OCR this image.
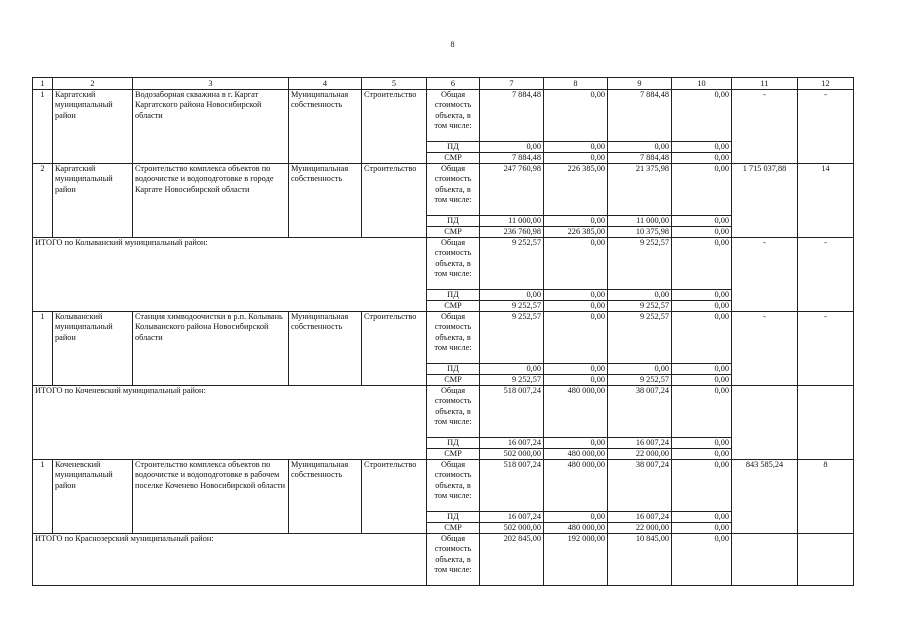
8
1	2	3	4	5	6	7	8	9	10	11	12
1	Каргатский муниципальный район	Водозаборная скважина в г. Каргат Каргатского района Новосибирской области	Муниципальная собственность	Строительство	Общая стоимость объекта, в том числе:	7 884,48	0,00	7 884,48	0,00	-	-
					ПД	0,00	0,00	0,00	0,00		
					СМР	7 884,48	0,00	7 884,48	0,00		
2	Каргатский муниципальный район	Строительство комплекса объектов по водоочистке и водоподготовке в городе Каргате Новосибирской области	Муниципальная собственность	Строительство	Общая стоимость объекта, в том числе:	247 760,98	226 385,00	21 375,98	0,00	1 715 037,88	14
					ПД	11 000,00	0,00	11 000,00	0,00		
					СМР	236 760,98	226 385,00	10 375,98	0,00		
ИТОГО по Колыванский муниципальный район:					Общая стоимость объекта, в том числе:	9 252,57	0,00	9 252,57	0,00	-	-
					ПД	0,00	0,00	0,00	0,00		
					СМР	9 252,57	0,00	9 252,57	0,00		
1	Колыванский муниципальный район	Станция химводоочистки в р.п. Колывань Колыванского района Новосибирской области	Муниципальная собственность	Строительство	Общая стоимость объекта, в том числе:	9 252,57	0,00	9 252,57	0,00	-	-
					ПД	0,00	0,00	0,00	0,00		
					СМР	9 252,57	0,00	9 252,57	0,00		
ИТОГО по Коченевский муниципальный район:					Общая стоимость объекта, в том числе:	518 007,24	480 000,00	38 007,24	0,00		
					ПД	16 007,24	0,00	16 007,24	0,00		
					СМР	502 000,00	480 000,00	22 000,00	0,00		
1	Коченевский муниципальный район	Строительство комплекса объектов по водоочистке и водоподготовке в рабочем поселке Коченево Новосибирской области	Муниципальная собственность	Строительство	Общая стоимость объекта, в том числе:	518 007,24	480 000,00	38 007,24	0,00	843 585,24	8
					ПД	16 007,24	0,00	16 007,24	0,00		
					СМР	502 000,00	480 000,00	22 000,00	0,00		
ИТОГО по Краснозерский муниципальный район:					Общая стоимость объекта, в том числе:	202 845,00	192 000,00	10 845,00	0,00		
